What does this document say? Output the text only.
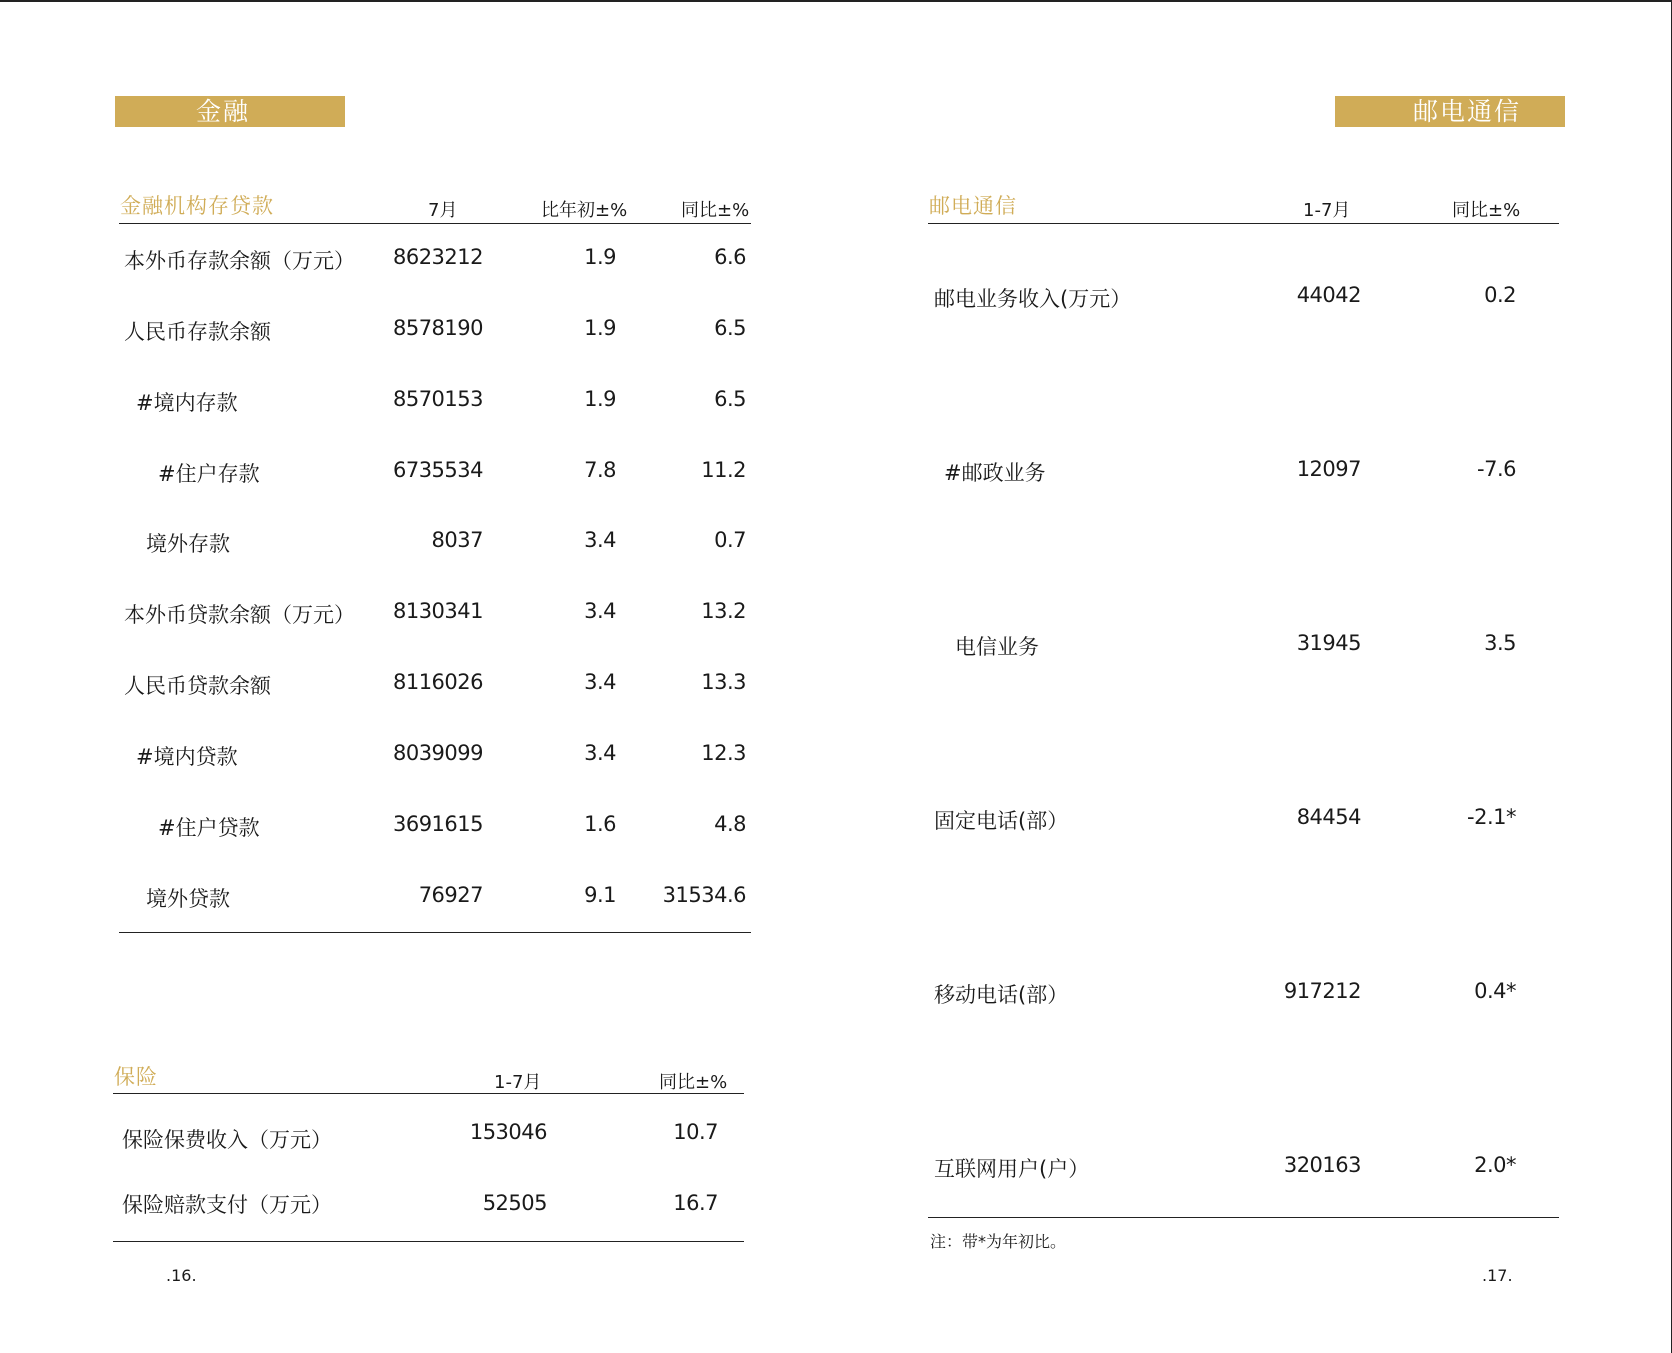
金融
金融机构存贷款	7月	比年初±%	同比±%
本外币存款余额（万元） 8623212	1.9	6.6
人民币存款余额	8578190	1.9	6.5
#境内存款	8570153	1.9	6.5
#住户存款	6735534	7.8	11.2
境外存款	8037	3.4	0.7
本外币贷款余额（万元） 8130341	3.4	13.2
人民币贷款余额	8116026	3.4	13.3
#境内贷款	8039099	3.4	12.3
#住户贷款	3691615	1.6	4.8
境外贷款	76927	9.1 31534.6
保险	1-7月	同比±%
保险保费收入（万元）	153046	10.7
保险赔款支付（万元）	52505	16.7
.16.
邮电通信
邮电通信	1-7月	同比±%
邮电业务收入(万元）	44042	0.2
#邮政业务	12097	-7.6
电信业务	31945	3.5
固定电话(部）	84454	-2.1*
移动电话(部）	917212	0.4*
互联网用户(户）	320163	2.0*
注：带*为年初比。
.17.
